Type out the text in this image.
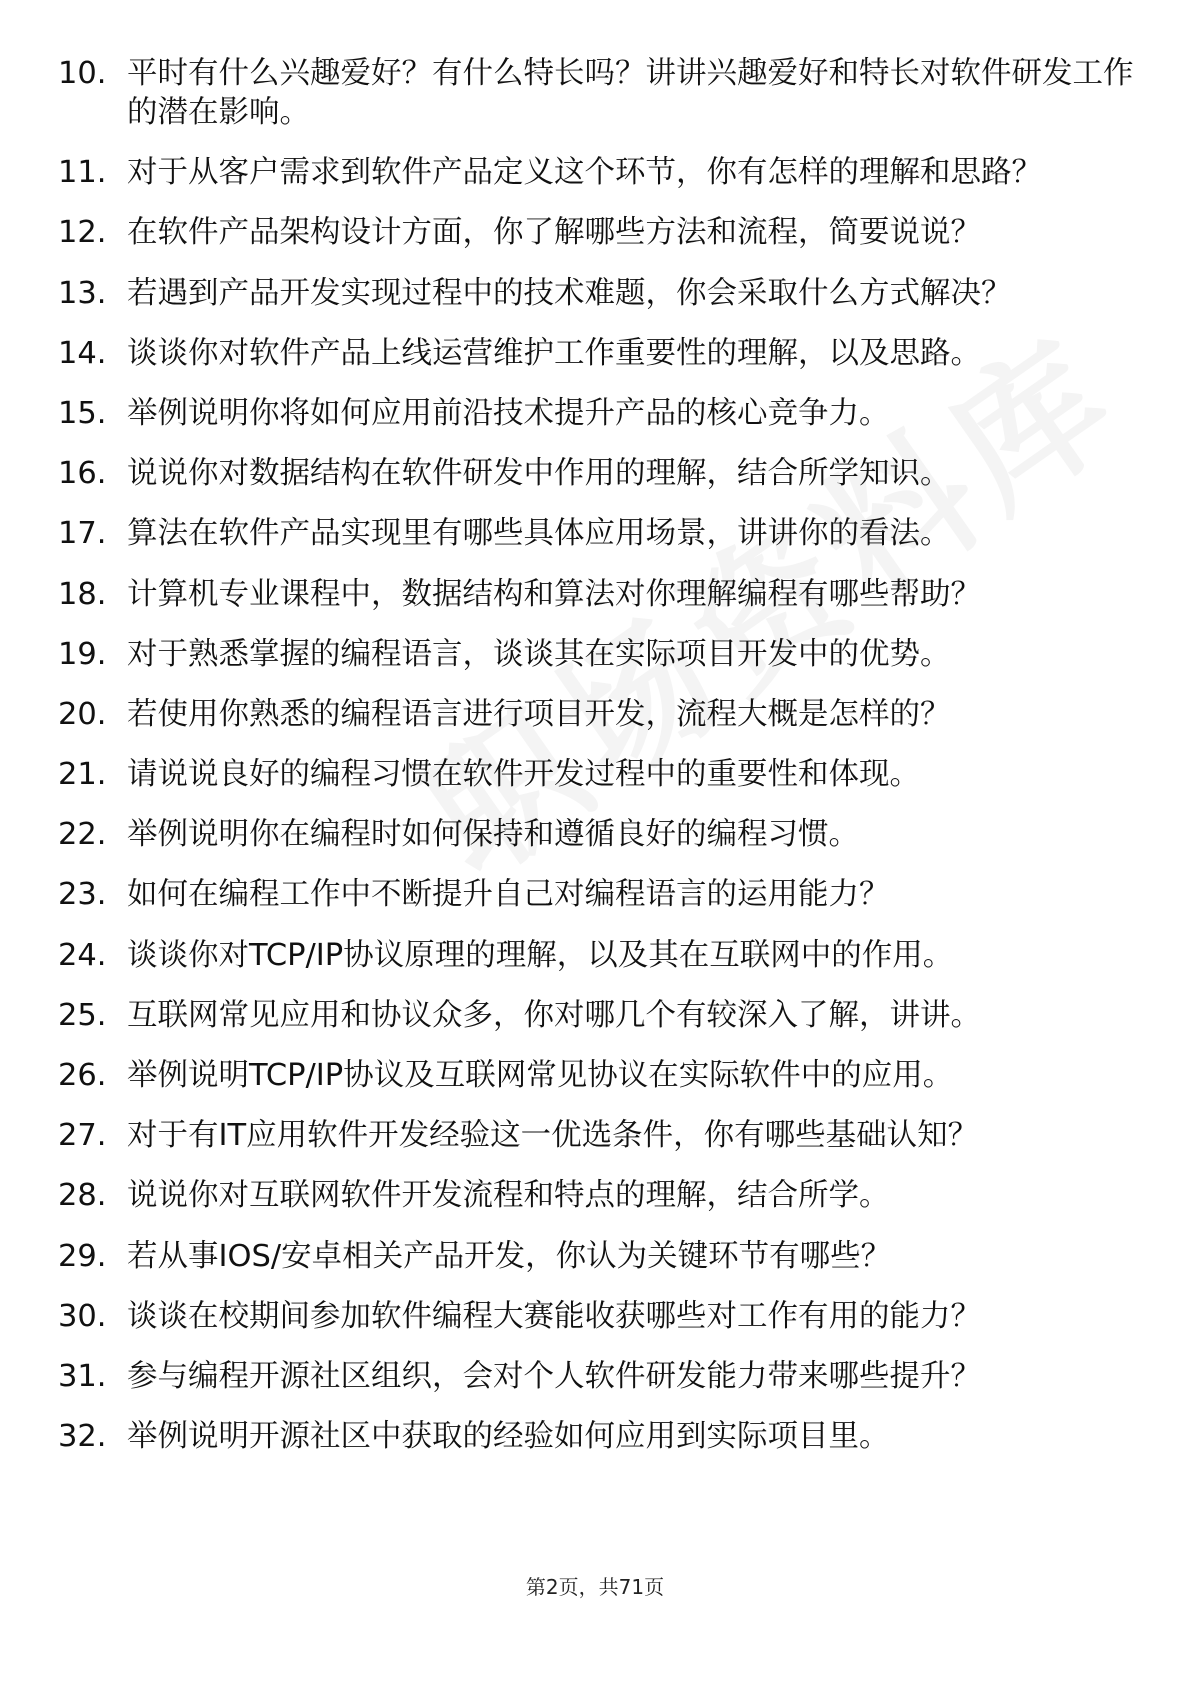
10. 平时有什么兴趣爱好？有什么特长吗？讲讲兴趣爱好和特长对软件研发工作的潜在影响。
11. 对于从客户需求到软件产品定义这个环节，你有怎样的理解和思路？
12. 在软件产品架构设计方面，你了解哪些方法和流程，简要说说？
13. 若遇到产品开发实现过程中的技术难题，你会采取什么方式解决？
14. 谈谈你对软件产品上线运营维护工作重要性的理解，以及思路。
15. 举例说明你将如何应用前沿技术提升产品的核心竞争力。
16. 说说你对数据结构在软件研发中作用的理解，结合所学知识。
17. 算法在软件产品实现里有哪些具体应用场景，讲讲你的看法。
18. 计算机专业课程中，数据结构和算法对你理解编程有哪些帮助？
19. 对于熟悉掌握的编程语言，谈谈其在实际项目开发中的优势。
20. 若使用你熟悉的编程语言进行项目开发，流程大概是怎样的？
21. 请说说良好的编程习惯在软件开发过程中的重要性和体现。
22. 举例说明你在编程时如何保持和遵循良好的编程习惯。
23. 如何在编程工作中不断提升自己对编程语言的运用能力？
24. 谈谈你对TCP/IP协议原理的理解，以及其在互联网中的作用。
25. 互联网常见应用和协议众多，你对哪几个有较深入了解，讲讲。
26. 举例说明TCP/IP协议及互联网常见协议在实际软件中的应用。
27. 对于有IT应用软件开发经验这一优选条件，你有哪些基础认知？
28. 说说你对互联网软件开发流程和特点的理解，结合所学。
29. 若从事IOS/安卓相关产品开发，你认为关键环节有哪些？
30. 谈谈在校期间参加软件编程大赛能收获哪些对工作有用的能力？
31. 参与编程开源社区组织，会对个人软件研发能力带来哪些提升？
32. 举例说明开源社区中获取的经验如何应用到实际项目里。
第2页，共71页
